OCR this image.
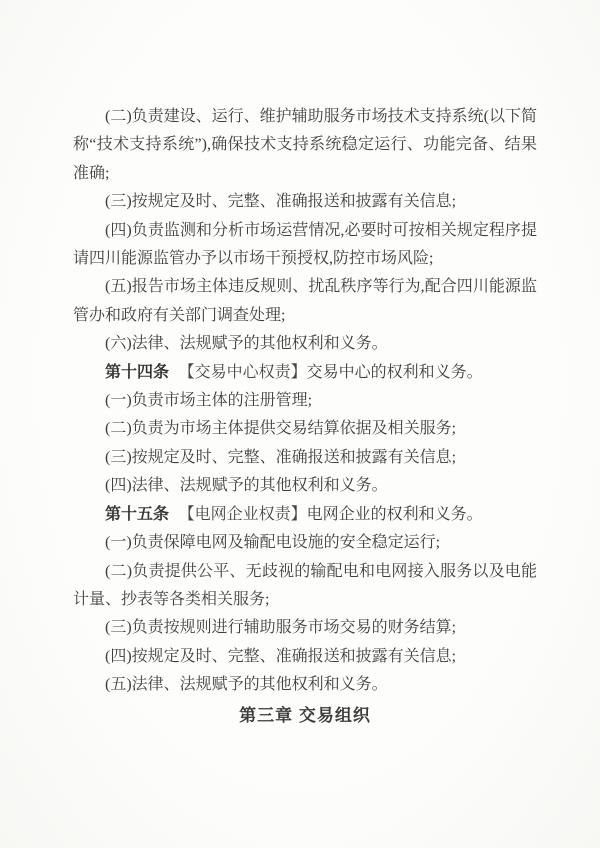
(二)负责建设、运行、维护辅助服务市场技术支持系统(以下简称“技术支持系统”),确保技术支持系统稳定运行、功能完备、结果准确;

(三)按规定及时、完整、准确报送和披露有关信息;

(四)负责监测和分析市场运营情况,必要时可按相关规定程序提请四川能源监管办予以市场干预授权,防控市场风险;

(五)报告市场主体违反规则、扰乱秩序等行为,配合四川能源监管办和政府有关部门调查处理;

(六)法律、法规赋予的其他权利和义务。

第十四条 【交易中心权责】交易中心的权利和义务。

(一)负责市场主体的注册管理;

(二)负责为市场主体提供交易结算依据及相关服务;

(三)按规定及时、完整、准确报送和披露有关信息;

(四)法律、法规赋予的其他权利和义务。

第十五条 【电网企业权责】电网企业的权利和义务。

(一)负责保障电网及输配电设施的安全稳定运行;

(二)负责提供公平、无歧视的输配电和电网接入服务以及电能计量、抄表等各类相关服务;

(三)负责按规则进行辅助服务市场交易的财务结算;

(四)按规定及时、完整、准确报送和披露有关信息;

(五)法律、法规赋予的其他权利和义务。

第三章 交易组织
